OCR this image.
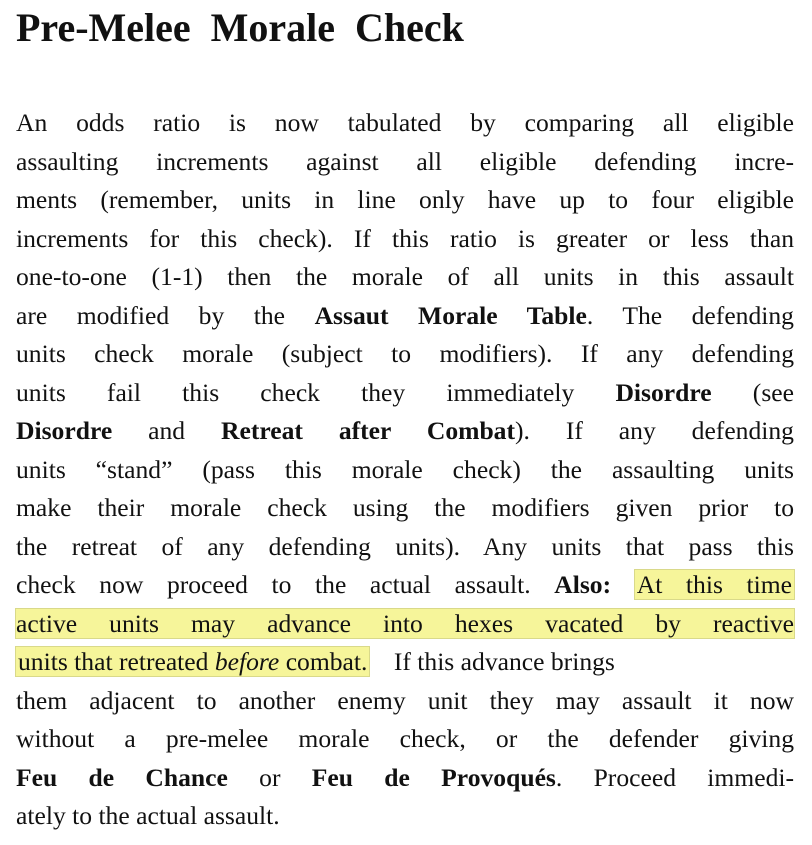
Pre-Melee Morale Check
An odds ratio is now tabulated by comparing all eligible
assaulting increments against all eligible defending incre-
ments (remember, units in line only have up to four eligible
increments for this check). If this ratio is greater or less than
one-to-one (1-1) then the morale of all units in this assault
are modified by the Assaut Morale Table. The defending
units check morale (subject to modifiers). If any defending
units fail this check they immediately Disordre (see
Disordre and Retreat after Combat). If any defending
units “stand” (pass this morale check) the assaulting units
make their morale check using the modifiers given prior to
the retreat of any defending units). Any units that pass this
check now proceed to the actual assault. Also: At this time
active units may advance into hexes vacated by reactive
units that retreated before combat. If this advance brings
them adjacent to another enemy unit they may assault it now
without a pre-melee morale check, or the defender giving
Feu de Chance or Feu de Provoqués. Proceed immedi-
ately to the actual assault.
